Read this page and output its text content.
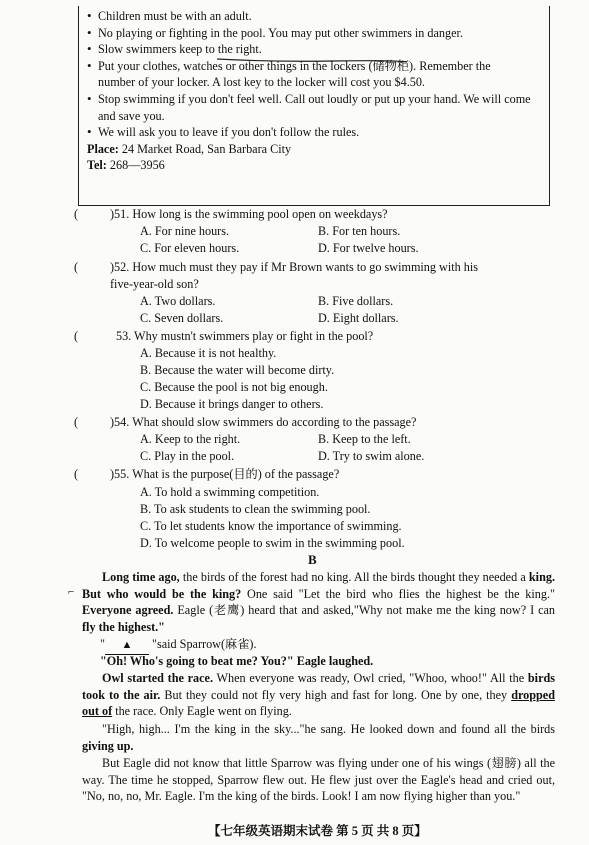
• Children must be with an adult.
• No playing or fighting in the pool. You may put other swimmers in danger.
• Slow swimmers keep to the right.
• Put your clothes, watches or other things in the lockers (储物柜). Remember the
number of your locker. A lost key to the locker will cost you $4.50.
• Stop swimming if you don't feel well. Call out loudly or put up your hand. We will come
and save you.
• We will ask you to leave if you don't follow the rules.
Place: 24 Market Road, San Barbara City
Tel: 268—3956
(	)51. How long is the swimming pool open on weekdays?
A. For nine hours.	B. For ten hours.
C. For eleven hours.	D. For twelve hours.
(	)52. How much must they pay if Mr Brown wants to go swimming with his
five-year-old son?
A. Two dollars.	B. Five dollars.
C. Seven dollars.	D. Eight dollars.
(	53. Why mustn't swimmers play or fight in the pool?
A. Because it is not healthy.
B. Because the water will become dirty.
C. Because the pool is not big enough.
D. Because it brings danger to others.
(	)54. What should slow swimmers do according to the passage?
A. Keep to the right.	B. Keep to the left.
C. Play in the pool.	D. Try to swim alone.
(	)55. What is the purpose(目的) of the passage?
A. To hold a swimming competition.
B. To ask students to clean the swimming pool.
C. To let students know the importance of swimming.
D. To welcome people to swim in the swimming pool.
B
⌐
Long time ago, the birds of the forest had no king. All the birds thought they needed a king. But who would be the king? One said "Let the bird who flies the highest be the king." Everyone agreed. Eagle (老鹰) heard that and asked,"Why not make me the king now? I can fly the highest."
" ▲ "said Sparrow(麻雀).
"Oh! Who's going to beat me? You?" Eagle laughed.
Owl started the race. When everyone was ready, Owl cried, "Whoo, whoo!" All the birds took to the air. But they could not fly very high and fast for long. One by one, they dropped out of the race. Only Eagle went on flying.
"High, high... I'm the king in the sky..."he sang. He looked down and found all the birds giving up.
But Eagle did not know that little Sparrow was flying under one of his wings (翅膀) all the way. The time he stopped, Sparrow flew out. He flew just over the Eagle's head and cried out, "No, no, no, Mr. Eagle. I'm the king of the birds. Look! I am now flying higher than you."
【七年级英语期末试卷 第 5 页 共 8 页】
